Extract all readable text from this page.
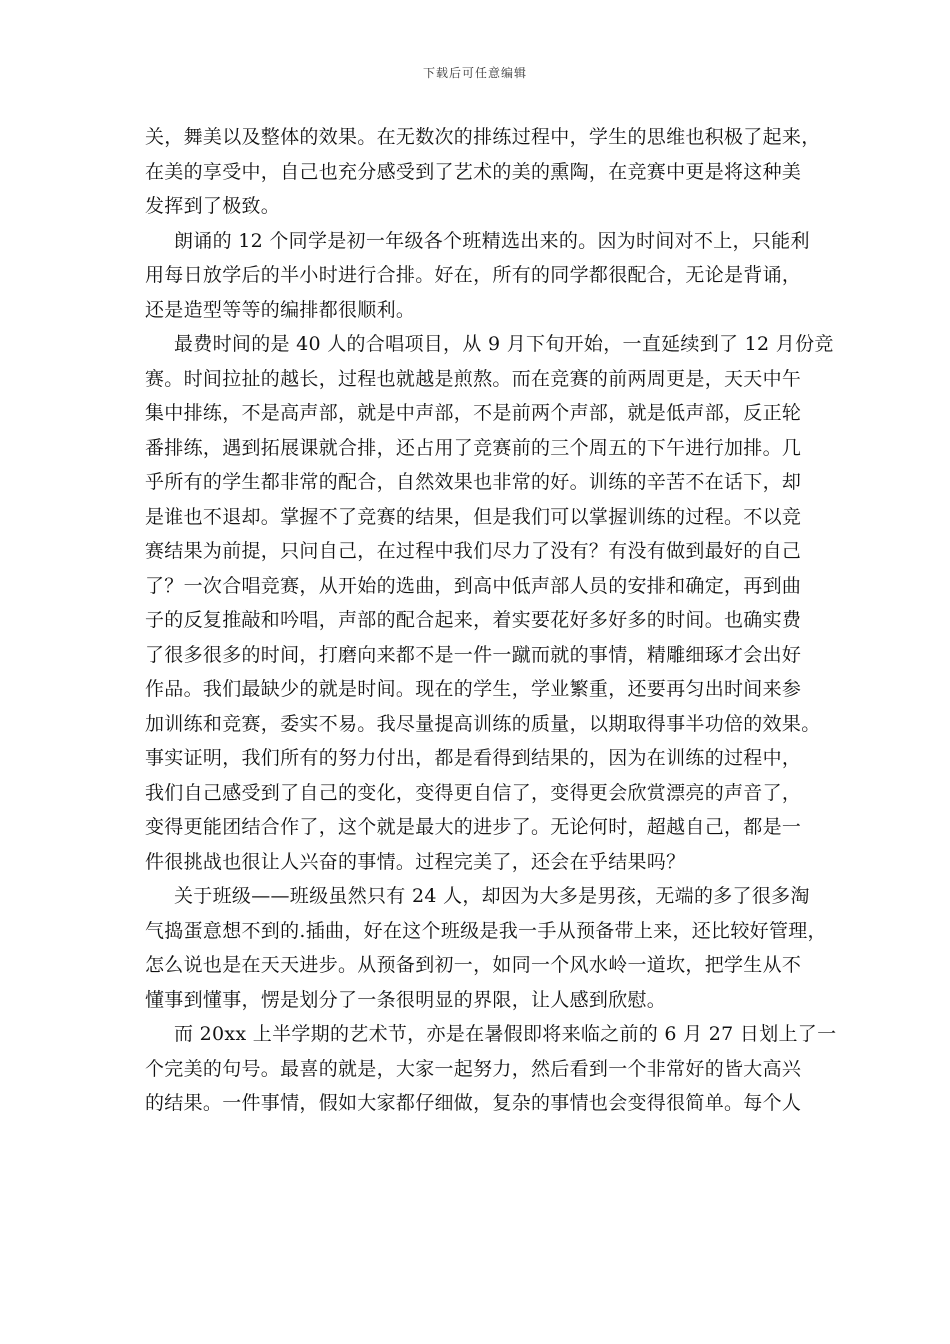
下载后可任意编辑
关，舞美以及整体的效果。在无数次的排练过程中，学生的思维也积极了起来，
在美的享受中，自己也充分感受到了艺术的美的熏陶，在竞赛中更是将这种美
发挥到了极致。
朗诵的 12 个同学是初一年级各个班精选出来的。因为时间对不上，只能利
用每日放学后的半小时进行合排。好在，所有的同学都很配合，无论是背诵，
还是造型等等的编排都很顺利。
最费时间的是 40 人的合唱项目，从 9 月下旬开始，一直延续到了 12 月份竞
赛。时间拉扯的越长，过程也就越是煎熬。而在竞赛的前两周更是，天天中午
集中排练，不是高声部，就是中声部，不是前两个声部，就是低声部，反正轮
番排练，遇到拓展课就合排，还占用了竞赛前的三个周五的下午进行加排。几
乎所有的学生都非常的配合，自然效果也非常的好。训练的辛苦不在话下，却
是谁也不退却。掌握不了竞赛的结果，但是我们可以掌握训练的过程。不以竞
赛结果为前提，只问自己，在过程中我们尽力了没有？有没有做到最好的自己
了？一次合唱竞赛，从开始的选曲，到高中低声部人员的安排和确定，再到曲
子的反复推敲和吟唱，声部的配合起来，着实要花好多好多的时间。也确实费
了很多很多的时间，打磨向来都不是一件一蹴而就的事情，精雕细琢才会出好
作品。我们最缺少的就是时间。现在的学生，学业繁重，还要再匀出时间来参
加训练和竞赛，委实不易。我尽量提高训练的质量，以期取得事半功倍的效果。
事实证明，我们所有的努力付出，都是看得到结果的，因为在训练的过程中，
我们自己感受到了自己的变化，变得更自信了，变得更会欣赏漂亮的声音了，
变得更能团结合作了，这个就是最大的进步了。无论何时，超越自己，都是一
件很挑战也很让人兴奋的事情。过程完美了，还会在乎结果吗？
关于班级——班级虽然只有 24 人，却因为大多是男孩，无端的多了很多淘
气捣蛋意想不到的.插曲，好在这个班级是我一手从预备带上来，还比较好管理，
怎么说也是在天天进步。从预备到初一，如同一个风水岭一道坎，把学生从不
懂事到懂事，愣是划分了一条很明显的界限，让人感到欣慰。
而 20xx 上半学期的艺术节，亦是在暑假即将来临之前的 6 月 27 日划上了一
个完美的句号。最喜的就是，大家一起努力，然后看到一个非常好的皆大高兴
的结果。一件事情，假如大家都仔细做，复杂的事情也会变得很简单。每个人
